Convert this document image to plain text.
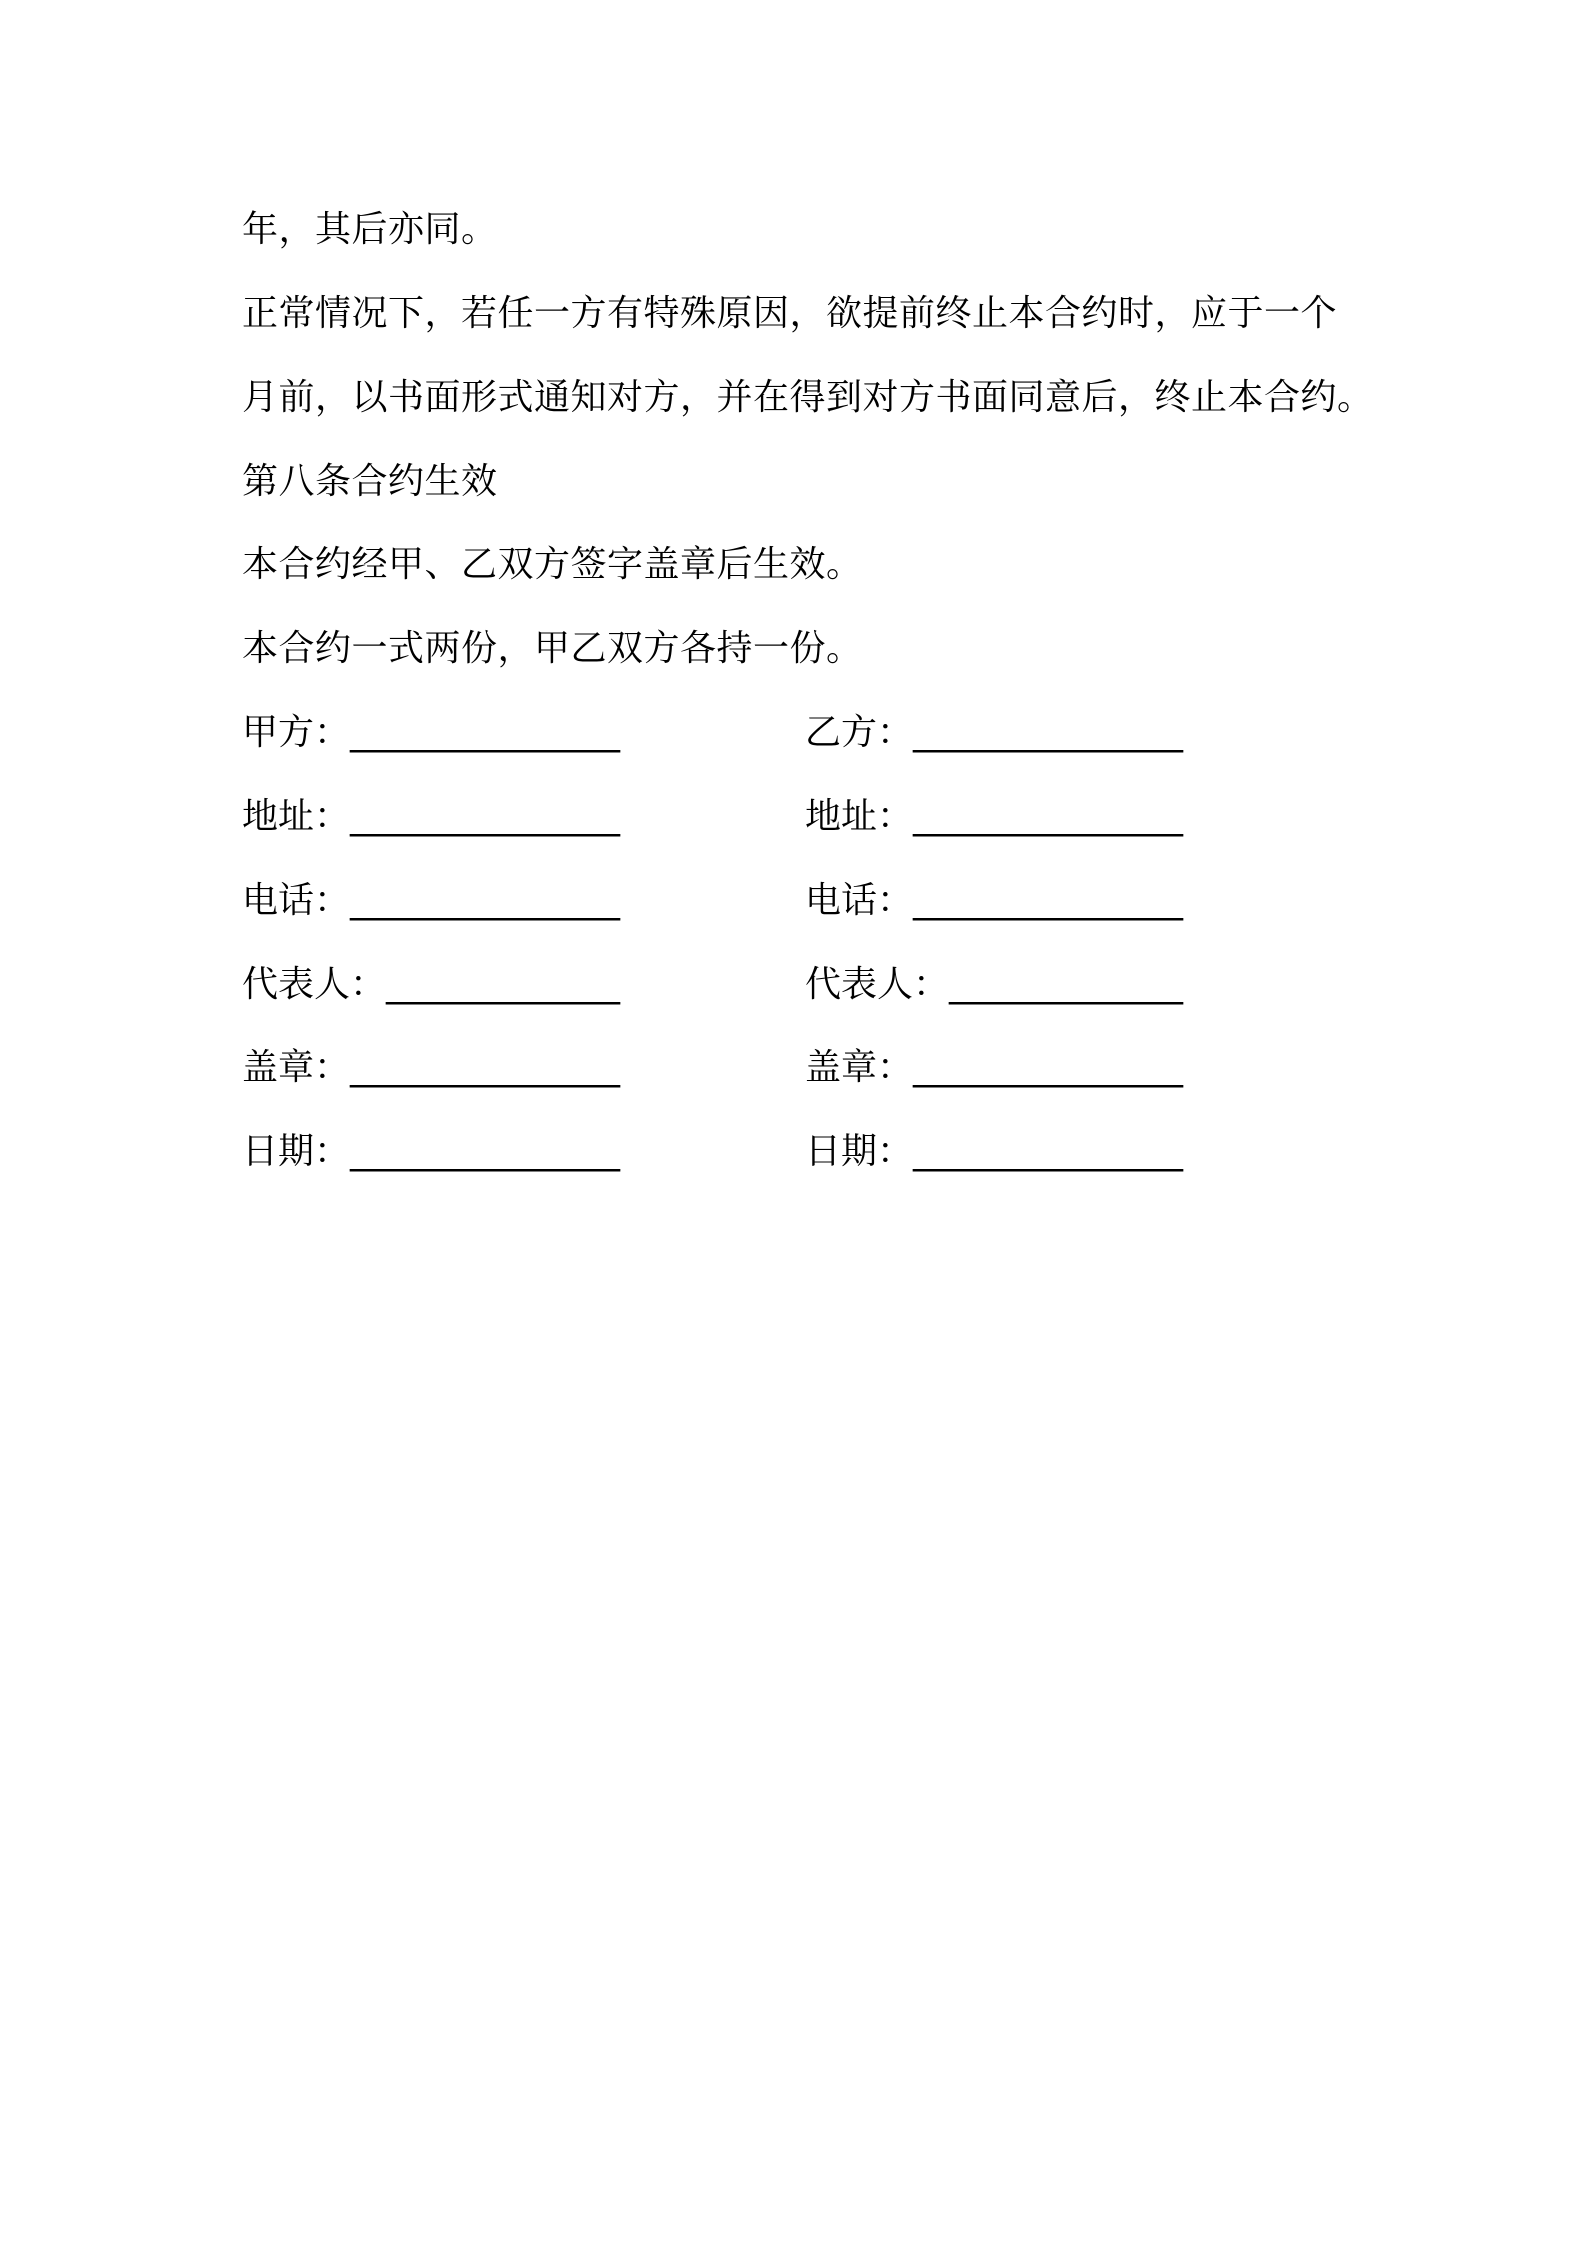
年，其后亦同。
正常情况下，若任一方有特殊原因，欲提前终止本合约时，应于一个
月前，以书面形式通知对方，并在得到对方书面同意后，终止本合约。
第八条合约生效
本合约经甲、乙双方签字盖章后生效。
本合约一式两份，甲乙双方各持一份。
甲方：_______________	乙方：_______________
地址：_______________	地址：_______________
电话：_______________	电话：_______________
代表人：_____________	代表人：_____________
盖章：_______________	盖章：_______________
日期：_______________	日期：_______________
